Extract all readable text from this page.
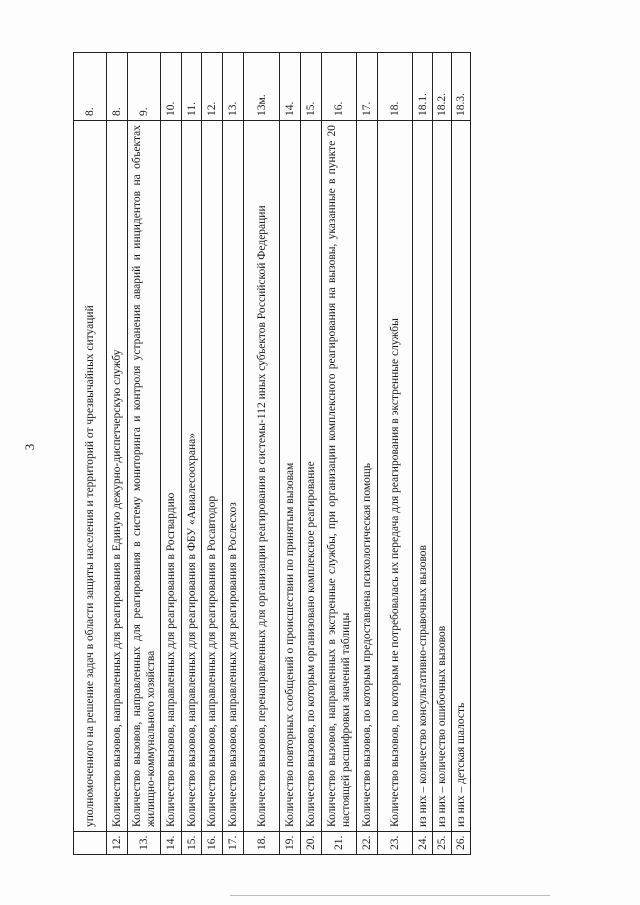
3
		уполномоченного на решение задач в области защиты населения и территорий от чрезвычайных ситуаций	8.
12.	Количество вызовов, направленных для реагирования в Единую дежурно-диспетчерскую службу	8.
13.	Количество вызовов, направленных для реагирования в систему мониторинга и контроля устранения аварий и инцидентов на объектах жилищно-коммунального хозяйства	9.
14.	Количество вызовов, направленных для реагирования в Росгвардию	10.
15.	Количество вызовов, направленных для реагирования в ФБУ «Авиалесоохрана»	11.
16.	Количество вызовов, направленных для реагирования в Росавтодор	12.
17.	Количество вызовов, направленных для реагирования в Рослесхоз	13.
18.	Количество вызовов, перенаправленных для организации реагирования в системы-112 иных субъектов Российской Федерации	13м.
19.	Количество повторных сообщений о происшествии по принятым вызовам	14.
20.	Количество вызовов, по которым организовано комплексное реагирование	15.
21.	Количество вызовов, направленных в экстренные службы, при организации комплексного реагирования на вызовы, указанные в пункте 20 настоящей расшифровки значений таблицы	16.
22.	Количество вызовов, по которым предоставлена психологическая помощь	17.
23.	Количество вызовов, по которым не потребовалась их передача для реагирования в экстренные службы	18.
24.	из них – количество консультативно-справочных вызовов	18.1.
25.	из них – количество ошибочных вызовов	18.2.
26.	из них – детская шалость	18.3.
